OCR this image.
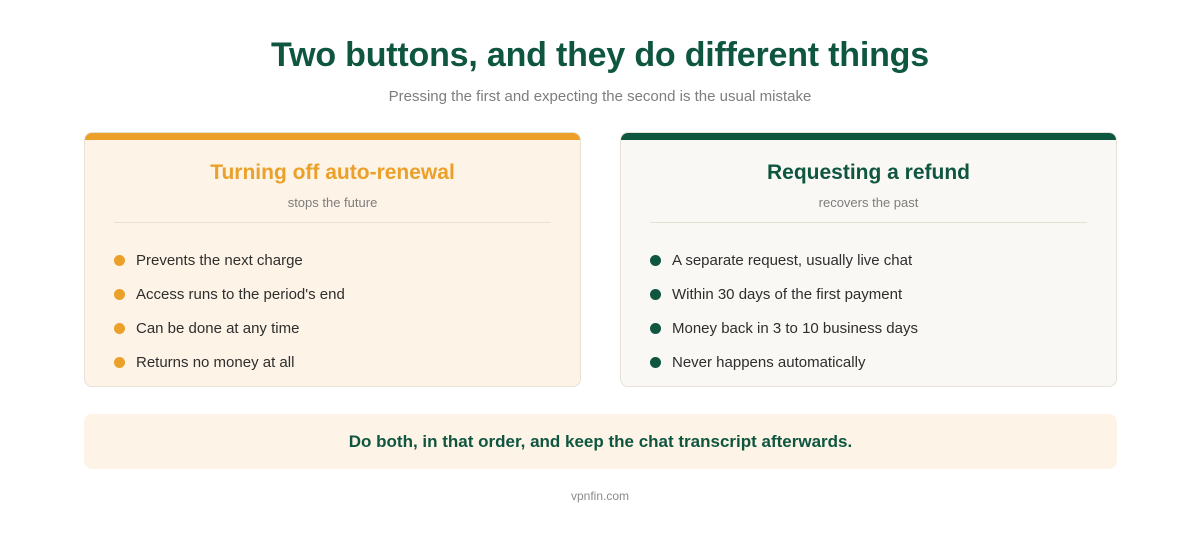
Two buttons, and they do different things

Pressing the first and expecting the second is the usual mistake

Turning off auto-renewal
stops the future
Prevents the next charge
Access runs to the period's end
Can be done at any time
Returns no money at all
Requesting a refund
recovers the past
A separate request, usually live chat
Within 30 days of the first payment
Money back in 3 to 10 business days
Never happens automatically
Do both, in that order, and keep the chat transcript afterwards.
vpnfin.com
